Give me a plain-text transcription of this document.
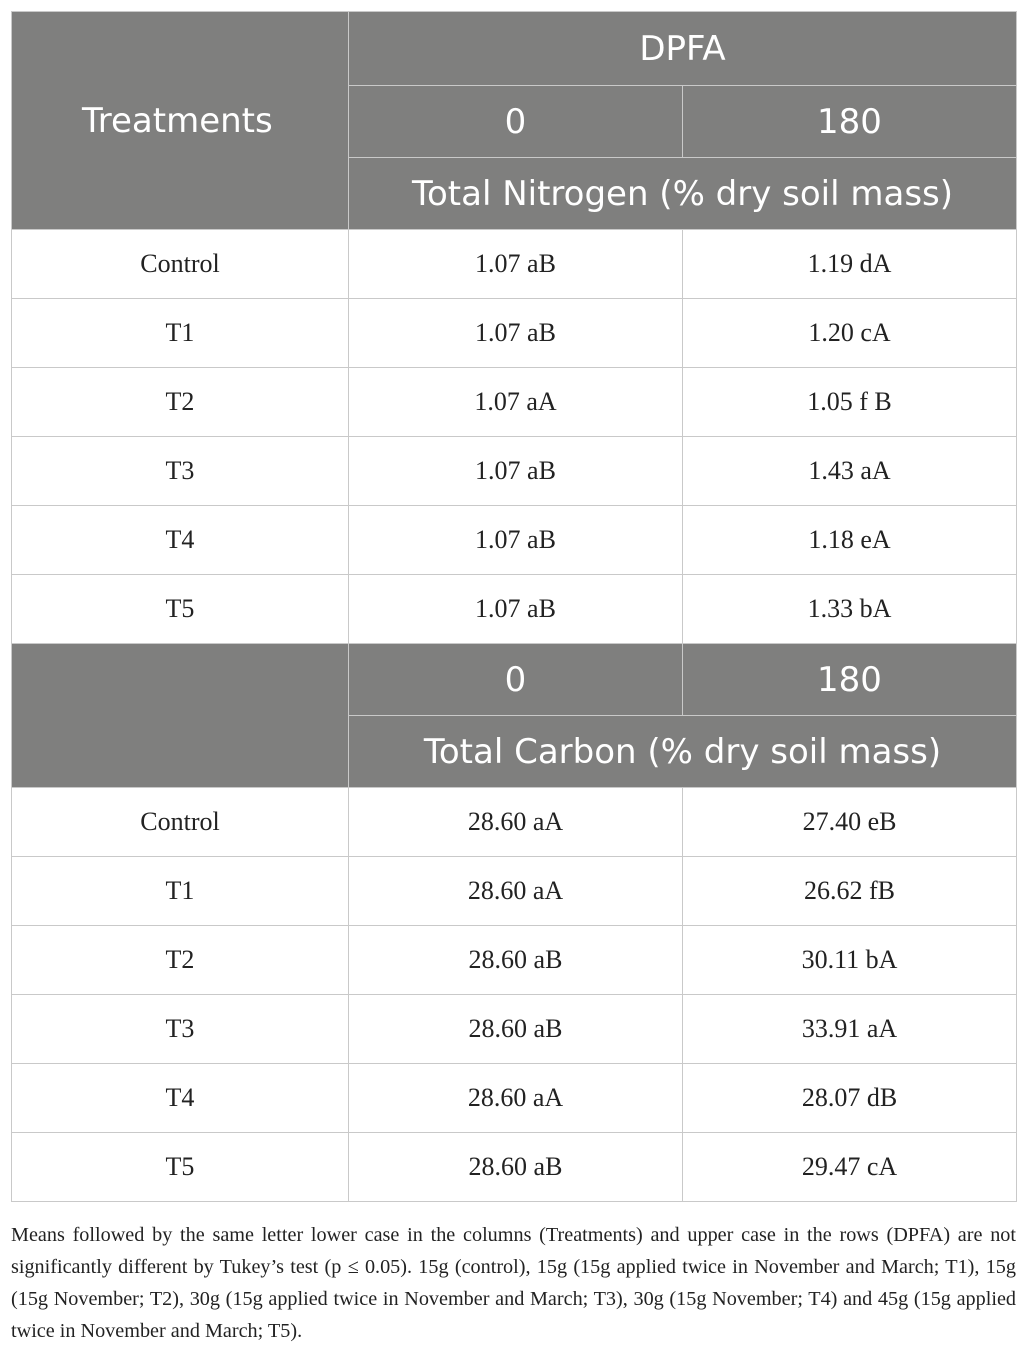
Treatments	DPFA	
	0	180
	Total Nitrogen (% dry soil mass)	
Control	1.07 aB	1.19 dA
T1	1.07 aB	1.20 cA
T2	1.07 aA	1.05 f B
T3	1.07 aB	1.43 aA
T4	1.07 aB	1.18 eA
T5	1.07 aB	1.33 bA
	0	180
	Total Carbon (% dry soil mass)	
Control	28.60 aA	27.40 eB
T1	28.60 aA	26.62 fB
T2	28.60 aB	30.11 bA
T3	28.60 aB	33.91 aA
T4	28.60 aA	28.07 dB
T5	28.60 aB	29.47 cA

Means followed by the same letter lower case in the columns (Treatments) and upper case in the rows (DPFA) are not significantly different by Tukey’s test (p ≤ 0.05). 15g (control), 15g (15g applied twice in November and March; T1), 15g (15g November; T2), 30g (15g applied twice in November and March; T3), 30g (15g November; T4) and 45g (15g applied twice in November and March; T5).
